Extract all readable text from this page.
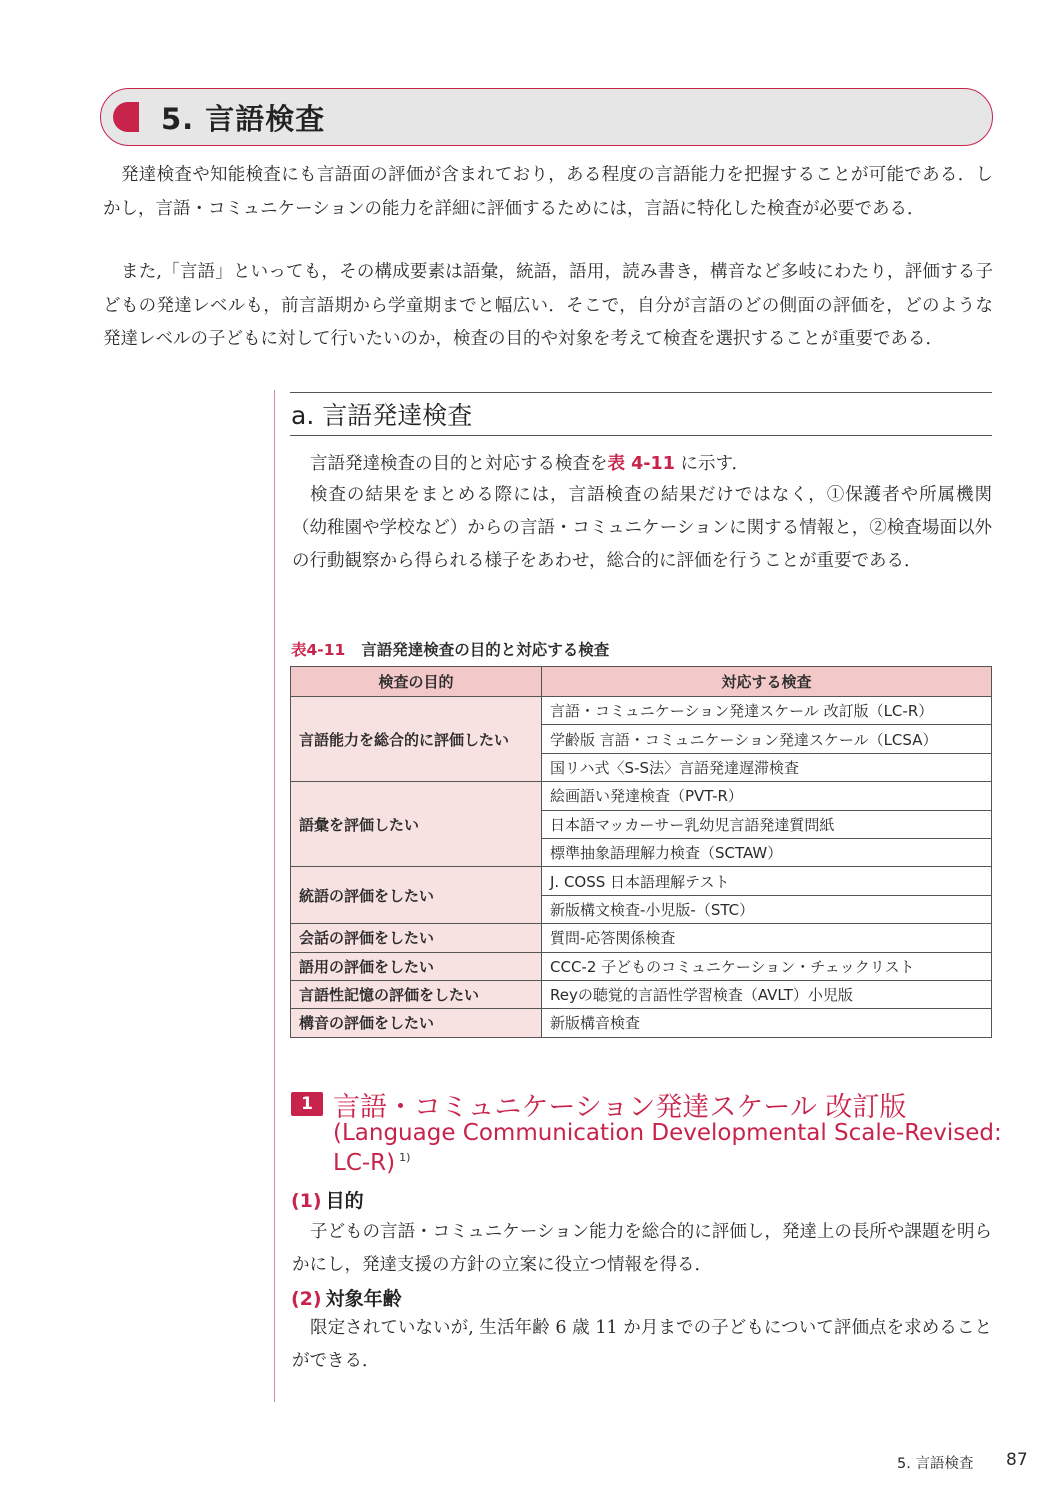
5. 言語検査

発達検査や知能検査にも言語面の評価が含まれており，ある程度の言語能力を把握することが可能である．しかし，言語・コミュニケーションの能力を詳細に評価するためには，言語に特化した検査が必要である．

また,「言語」といっても，その構成要素は語彙，統語，語用，読み書き，構音など多岐にわたり，評価する子どもの発達レベルも，前言語期から学童期までと幅広い．そこで，自分が言語のどの側面の評価を，どのような発達レベルの子どもに対して行いたいのか，検査の目的や対象を考えて検査を選択することが重要である．

a. 言語発達検査

言語発達検査の目的と対応する検査を表 4-11 に示す．

検査の結果をまとめる際には，言語検査の結果だけではなく，①保護者や所属機関（幼稚園や学校など）からの言語・コミュニケーションに関する情報と，②検査場面以外の行動観察から得られる様子をあわせ，総合的に評価を行うことが重要である．

表4-11 言語発達検査の目的と対応する検査
検査の目的	対応する検査
言語能力を総合的に評価したい	言語・コミュニケーション発達スケール 改訂版（LC-R）
	学齢版 言語・コミュニケーション発達スケール（LCSA）
	国リハ式〈S-S法〉言語発達遅滞検査
語彙を評価したい	絵画語い発達検査（PVT-R）
	日本語マッカーサー乳幼児言語発達質問紙
	標準抽象語理解力検査（SCTAW）
統語の評価をしたい	J. COSS 日本語理解テスト
	新版構文検査-小児版-（STC）
会話の評価をしたい	質問-応答関係検査
語用の評価をしたい	CCC-2 子どものコミュニケーション・チェックリスト
言語性記憶の評価をしたい	Reyの聴覚的言語性学習検査（AVLT）小児版
構音の評価をしたい	新版構音検査
1 言語・コミュニケーション発達スケール 改訂版
(Language Communication Developmental Scale-Revised:
LC-R) $^{1)}$
(1) 目的

子どもの言語・コミュニケーション能力を総合的に評価し，発達上の長所や課題を明らかにし，発達支援の方針の立案に役立つ情報を得る．

(2) 対象年齢

限定されていないが, 生活年齢 6 歳 11 か月までの子どもについて評価点を求めることができる．

5. 言語検査 87
